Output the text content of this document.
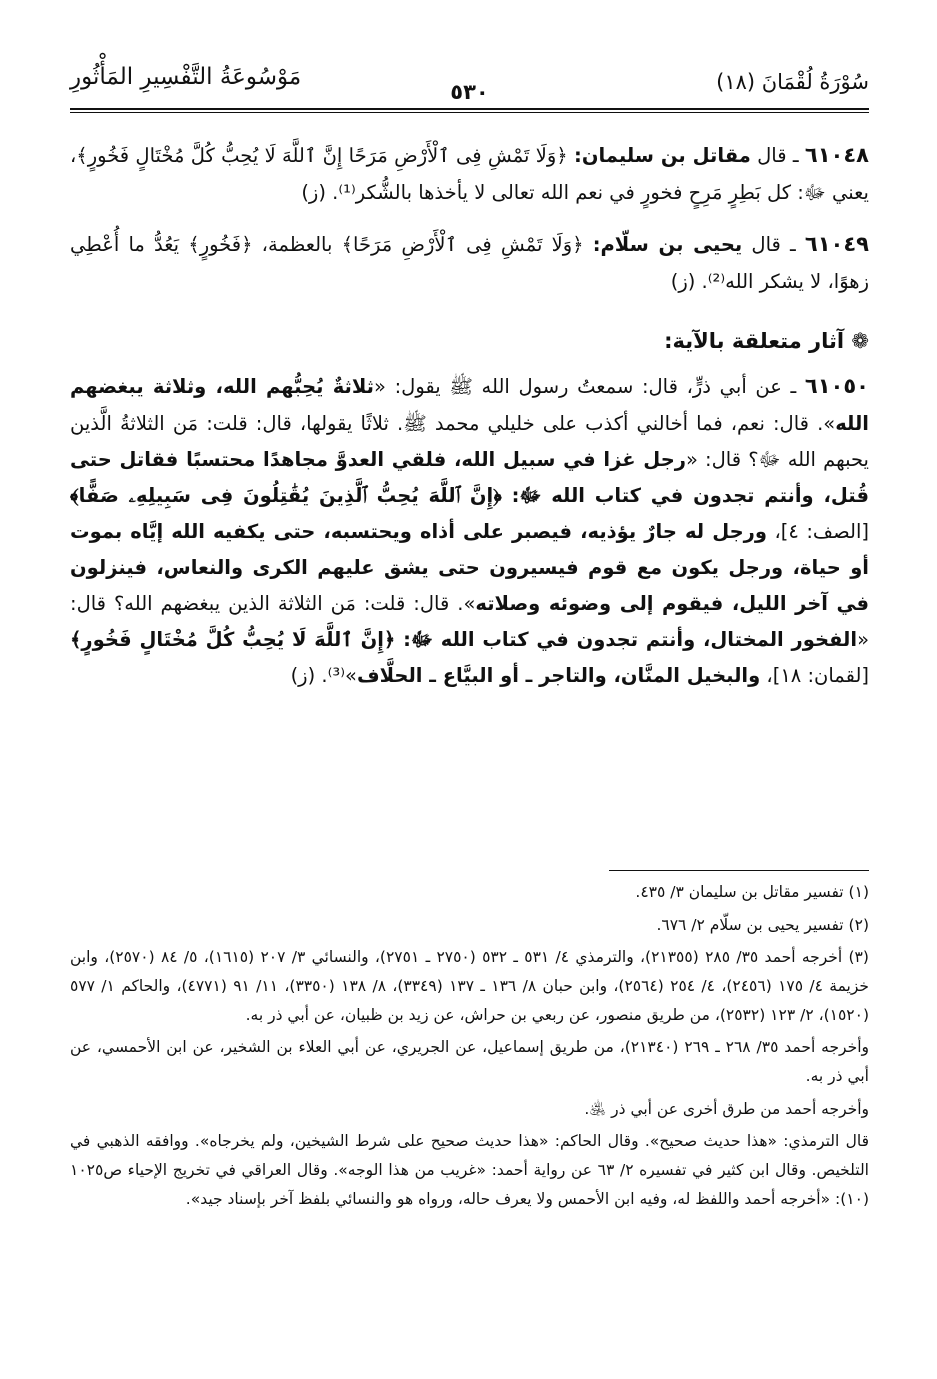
سُوْرَةُ لُقْمَانَ (١٨)
٥٣٠
مَوْسُوعَةُ التَّفْسِيرِ المَأْثُورِ

٦١٠٤٨ ـ قال مقاتل بن سليمان: ﴿وَلَا تَمْشِ فِى ٱلْأَرْضِ مَرَحًا إِنَّ ٱللَّهَ لَا يُحِبُّ كُلَّ مُخْتَالٍ فَخُورٍ﴾، يعني ﷻ: كل بَطِرٍ مَرِحٍ فخورٍ في نعم الله تعالى لا يأخذها بالشُّكر⁽¹⁾. (ز)

٦١٠٤٩ ـ قال يحيى بن سلّام: ﴿وَلَا تَمْشِ فِى ٱلْأَرْضِ مَرَحًا﴾ بالعظمة، ﴿فَخُورٍ﴾ يَعُدُّ ما أُعْطِي زهوًا، لا يشكر الله⁽²⁾. (ز)

❁ آثار متعلقة بالآية:

٦١٠٥٠ ـ عن أبي ذرٍّ، قال: سمعتُ رسول الله ﷺ يقول: «ثلاثةٌ يُحِبُّهم الله، وثلاثة يبغضهم الله». قال: نعم، فما أخالني أكذب على خليلي محمد ﷺ. ثلاثًا يقولها، قال: قلت: مَن الثلاثةُ الَّذين يحبهم الله ﷻ؟ قال: «رجل غزا في سبيل الله، فلقي العدوَّ مجاهدًا محتسبًا فقاتل حتى قُتل، وأنتم تجدون في كتاب الله ﷻ: ﴿إِنَّ ٱللَّهَ يُحِبُّ ٱلَّذِينَ يُقَٰتِلُونَ فِى سَبِيلِهِۦ صَفًّا﴾ [الصف: ٤]، ورجل له جارٌ يؤذيه، فيصبر على أذاه ويحتسبه، حتى يكفيه الله إيَّاه بموت أو حياة، ورجل يكون مع قوم فيسيرون حتى يشق عليهم الكرى والنعاس، فينزلون في آخر الليل، فيقوم إلى وضوئه وصلاته». قال: قلت: مَن الثلاثة الذين يبغضهم الله؟ قال: «الفخور المختال، وأنتم تجدون في كتاب الله ﷻ: ﴿إِنَّ ٱللَّهَ لَا يُحِبُّ كُلَّ مُخْتَالٍ فَخُورٍ﴾ [لقمان: ١٨]، والبخيل المنَّان، والتاجر ـ أو البيَّاع ـ الحلَّاف»⁽³⁾. (ز)

(١) تفسير مقاتل بن سليمان ٣/ ٤٣٥.

(٢) تفسير يحيى بن سلّام ٢/ ٦٧٦.

(٣) أخرجه أحمد ٣٥/ ٢٨٥ (٢١٣٥٥)، والترمذي ٤/ ٥٣١ ـ ٥٣٢ (٢٧٥٠ ـ ٢٧٥١)، والنسائي ٣/ ٢٠٧ (١٦١٥)، ٥/ ٨٤ (٢٥٧٠)، وابن خزيمة ٤/ ١٧٥ (٢٤٥٦)، ٤/ ٢٥٤ (٢٥٦٤)، وابن حبان ٨/ ١٣٦ ـ ١٣٧ (٣٣٤٩)، ٨/ ١٣٨ (٣٣٥٠)، ١١/ ٩١ (٤٧٧١)، والحاكم ١/ ٥٧٧ (١٥٢٠)، ٢/ ١٢٣ (٢٥٣٢)، من طريق منصور، عن ربعي بن حراش، عن زيد بن ظبيان، عن أبي ذر به.

وأخرجه أحمد ٣٥/ ٢٦٨ ـ ٢٦٩ (٢١٣٤٠)، من طريق إسماعيل، عن الجريري، عن أبي العلاء بن الشخير، عن ابن الأحمسي، عن أبي ذر به.

وأخرجه أحمد من طرق أخرى عن أبي ذر ﵁.

قال الترمذي: «هذا حديث صحيح». وقال الحاكم: «هذا حديث صحيح على شرط الشيخين، ولم يخرجاه». ووافقه الذهبي في التلخيص. وقال ابن كثير في تفسيره ٢/ ٦٣ عن رواية أحمد: «غريب من هذا الوجه». وقال العراقي في تخريج الإحياء ص١٠٢٥ (١٠): «أخرجه أحمد واللفظ له، وفيه ابن الأحمس ولا يعرف حاله، ورواه هو والنسائي بلفظ آخر بإسناد جيد».
